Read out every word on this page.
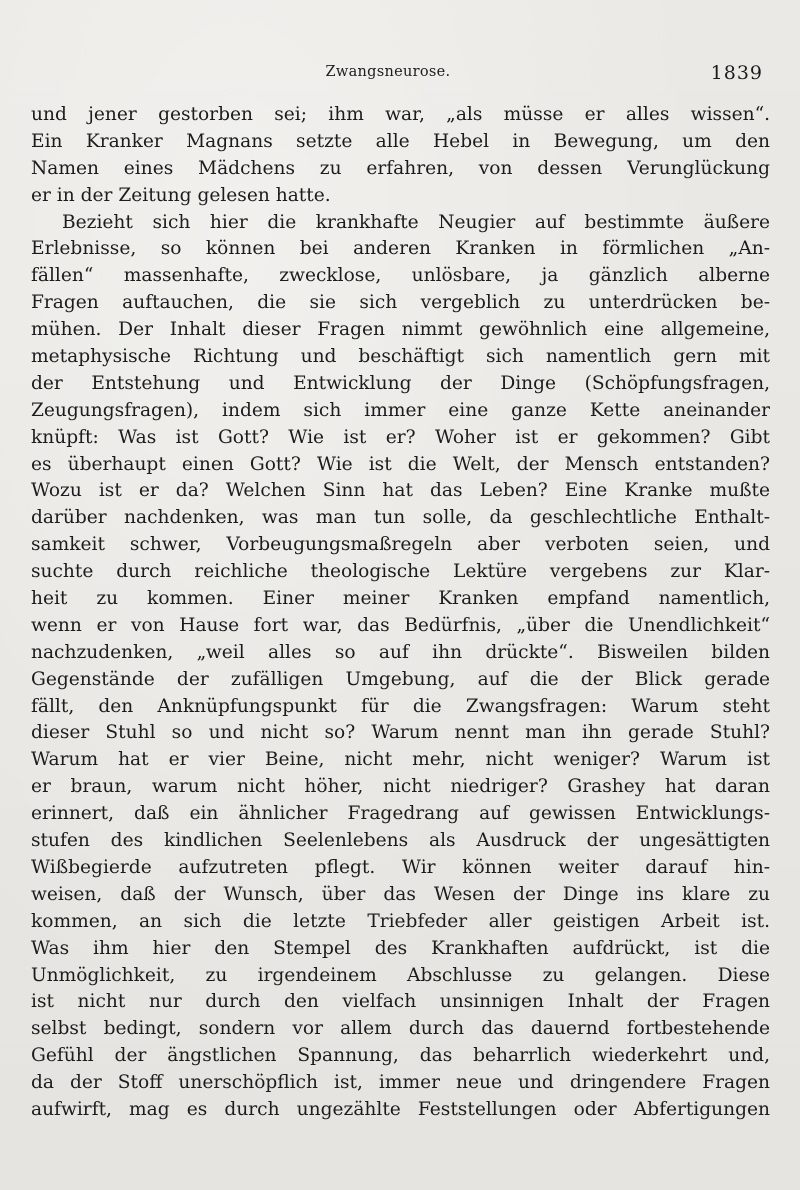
Zwangsneurose.	1839
und jener gestorben sei; ihm war, „als müsse er alles wissen“.
Ein Kranker Magnans setzte alle Hebel in Bewegung, um den
Namen eines Mädchens zu erfahren, von dessen Verunglückung
er in der Zeitung gelesen hatte.
Bezieht sich hier die krankhafte Neugier auf bestimmte äußere
Erlebnisse, so können bei anderen Kranken in förmlichen „An-
fällen“ massenhafte, zwecklose, unlösbare, ja gänzlich alberne
Fragen auftauchen, die sie sich vergeblich zu unterdrücken be-
mühen. Der Inhalt dieser Fragen nimmt gewöhnlich eine allgemeine,
metaphysische Richtung und beschäftigt sich namentlich gern mit
der Entstehung und Entwicklung der Dinge (Schöpfungsfragen,
Zeugungsfragen), indem sich immer eine ganze Kette aneinander
knüpft: Was ist Gott? Wie ist er? Woher ist er gekommen? Gibt
es überhaupt einen Gott? Wie ist die Welt, der Mensch entstanden?
Wozu ist er da? Welchen Sinn hat das Leben? Eine Kranke mußte
darüber nachdenken, was man tun solle, da geschlechtliche Enthalt-
samkeit schwer, Vorbeugungsmaßregeln aber verboten seien, und
suchte durch reichliche theologische Lektüre vergebens zur Klar-
heit zu kommen. Einer meiner Kranken empfand namentlich,
wenn er von Hause fort war, das Bedürfnis, „über die Unendlichkeit“
nachzudenken, „weil alles so auf ihn drückte“. Bisweilen bilden
Gegenstände der zufälligen Umgebung, auf die der Blick gerade
fällt, den Anknüpfungspunkt für die Zwangsfragen: Warum steht
dieser Stuhl so und nicht so? Warum nennt man ihn gerade Stuhl?
Warum hat er vier Beine, nicht mehr, nicht weniger? Warum ist
er braun, warum nicht höher, nicht niedriger? Grashey hat daran
erinnert, daß ein ähnlicher Fragedrang auf gewissen Entwicklungs-
stufen des kindlichen Seelenlebens als Ausdruck der ungesättigten
Wißbegierde aufzutreten pflegt. Wir können weiter darauf hin-
weisen, daß der Wunsch, über das Wesen der Dinge ins klare zu
kommen, an sich die letzte Triebfeder aller geistigen Arbeit ist.
Was ihm hier den Stempel des Krankhaften aufdrückt, ist die
Unmöglichkeit, zu irgendeinem Abschlusse zu gelangen. Diese
ist nicht nur durch den vielfach unsinnigen Inhalt der Fragen
selbst bedingt, sondern vor allem durch das dauernd fortbestehende
Gefühl der ängstlichen Spannung, das beharrlich wiederkehrt und,
da der Stoff unerschöpflich ist, immer neue und dringendere Fragen
aufwirft, mag es durch ungezählte Feststellungen oder Abfertigungen
